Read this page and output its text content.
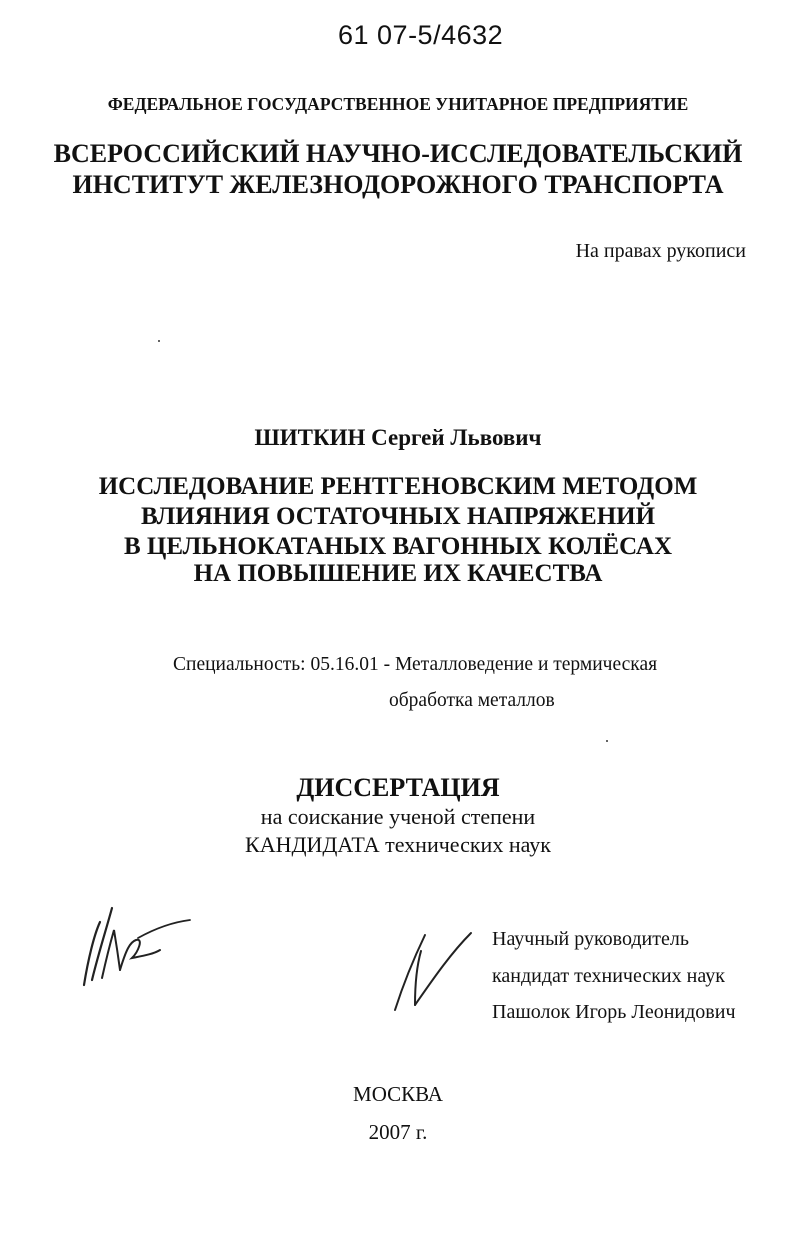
61 07-5/4632
ФЕДЕРАЛЬНОЕ ГОСУДАРСТВЕННОЕ УНИТАРНОЕ ПРЕДПРИЯТИЕ
ВСЕРОССИЙСКИЙ НАУЧНО-ИССЛЕДОВАТЕЛЬСКИЙ
ИНСТИТУТ ЖЕЛЕЗНОДОРОЖНОГО ТРАНСПОРТА
На правах рукописи
ШИТКИН Сергей Львович
ИССЛЕДОВАНИЕ РЕНТГЕНОВСКИМ МЕТОДОМ
ВЛИЯНИЯ ОСТАТОЧНЫХ НАПРЯЖЕНИЙ
В ЦЕЛЬНОКАТАНЫХ ВАГОННЫХ КОЛЁСАХ
НА ПОВЫШЕНИЕ ИХ КАЧЕСТВА
Специальность: 05.16.01 - Металловедение и термическая
обработка металлов
ДИССЕРТАЦИЯ
на соискание ученой степени
КАНДИДАТА технических наук
Научный руководитель
кандидат технических наук
Пашолок Игорь Леонидович
МОСКВА
2007 г.
